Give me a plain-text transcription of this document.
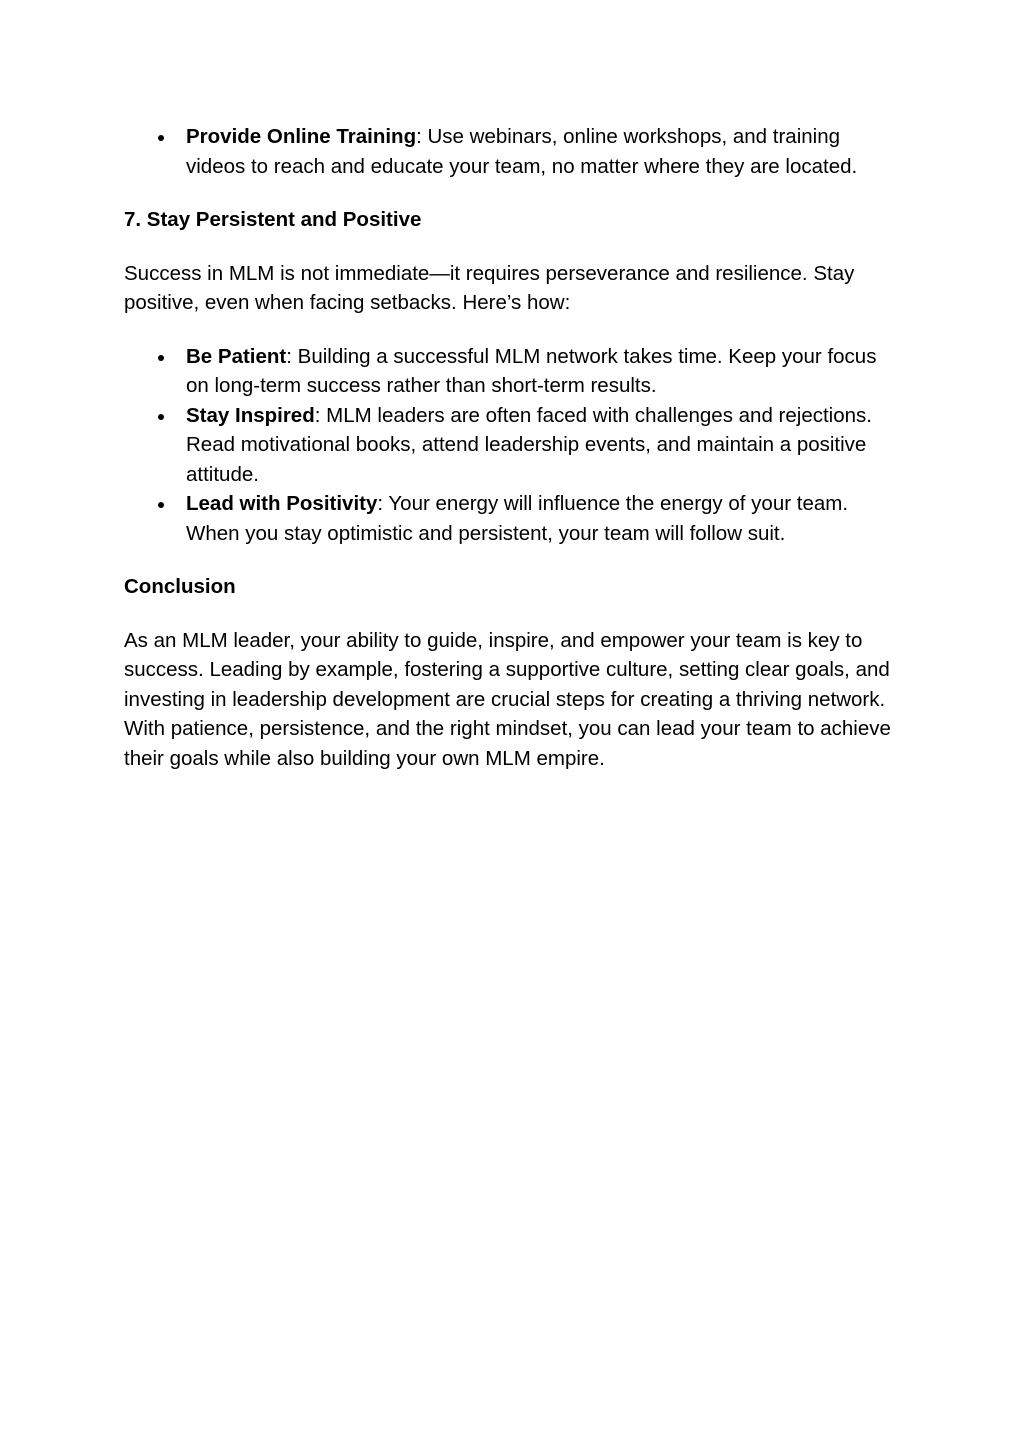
Provide Online Training: Use webinars, online workshops, and training videos to reach and educate your team, no matter where they are located.
7. Stay Persistent and Positive

Success in MLM is not immediate—it requires perseverance and resilience. Stay positive, even when facing setbacks. Here’s how:

Be Patient: Building a successful MLM network takes time. Keep your focus on long-term success rather than short-term results.
Stay Inspired: MLM leaders are often faced with challenges and rejections. Read motivational books, attend leadership events, and maintain a positive attitude.
Lead with Positivity: Your energy will influence the energy of your team. When you stay optimistic and persistent, your team will follow suit.
Conclusion

As an MLM leader, your ability to guide, inspire, and empower your team is key to success. Leading by example, fostering a supportive culture, setting clear goals, and investing in leadership development are crucial steps for creating a thriving network. With patience, persistence, and the right mindset, you can lead your team to achieve their goals while also building your own MLM empire.
